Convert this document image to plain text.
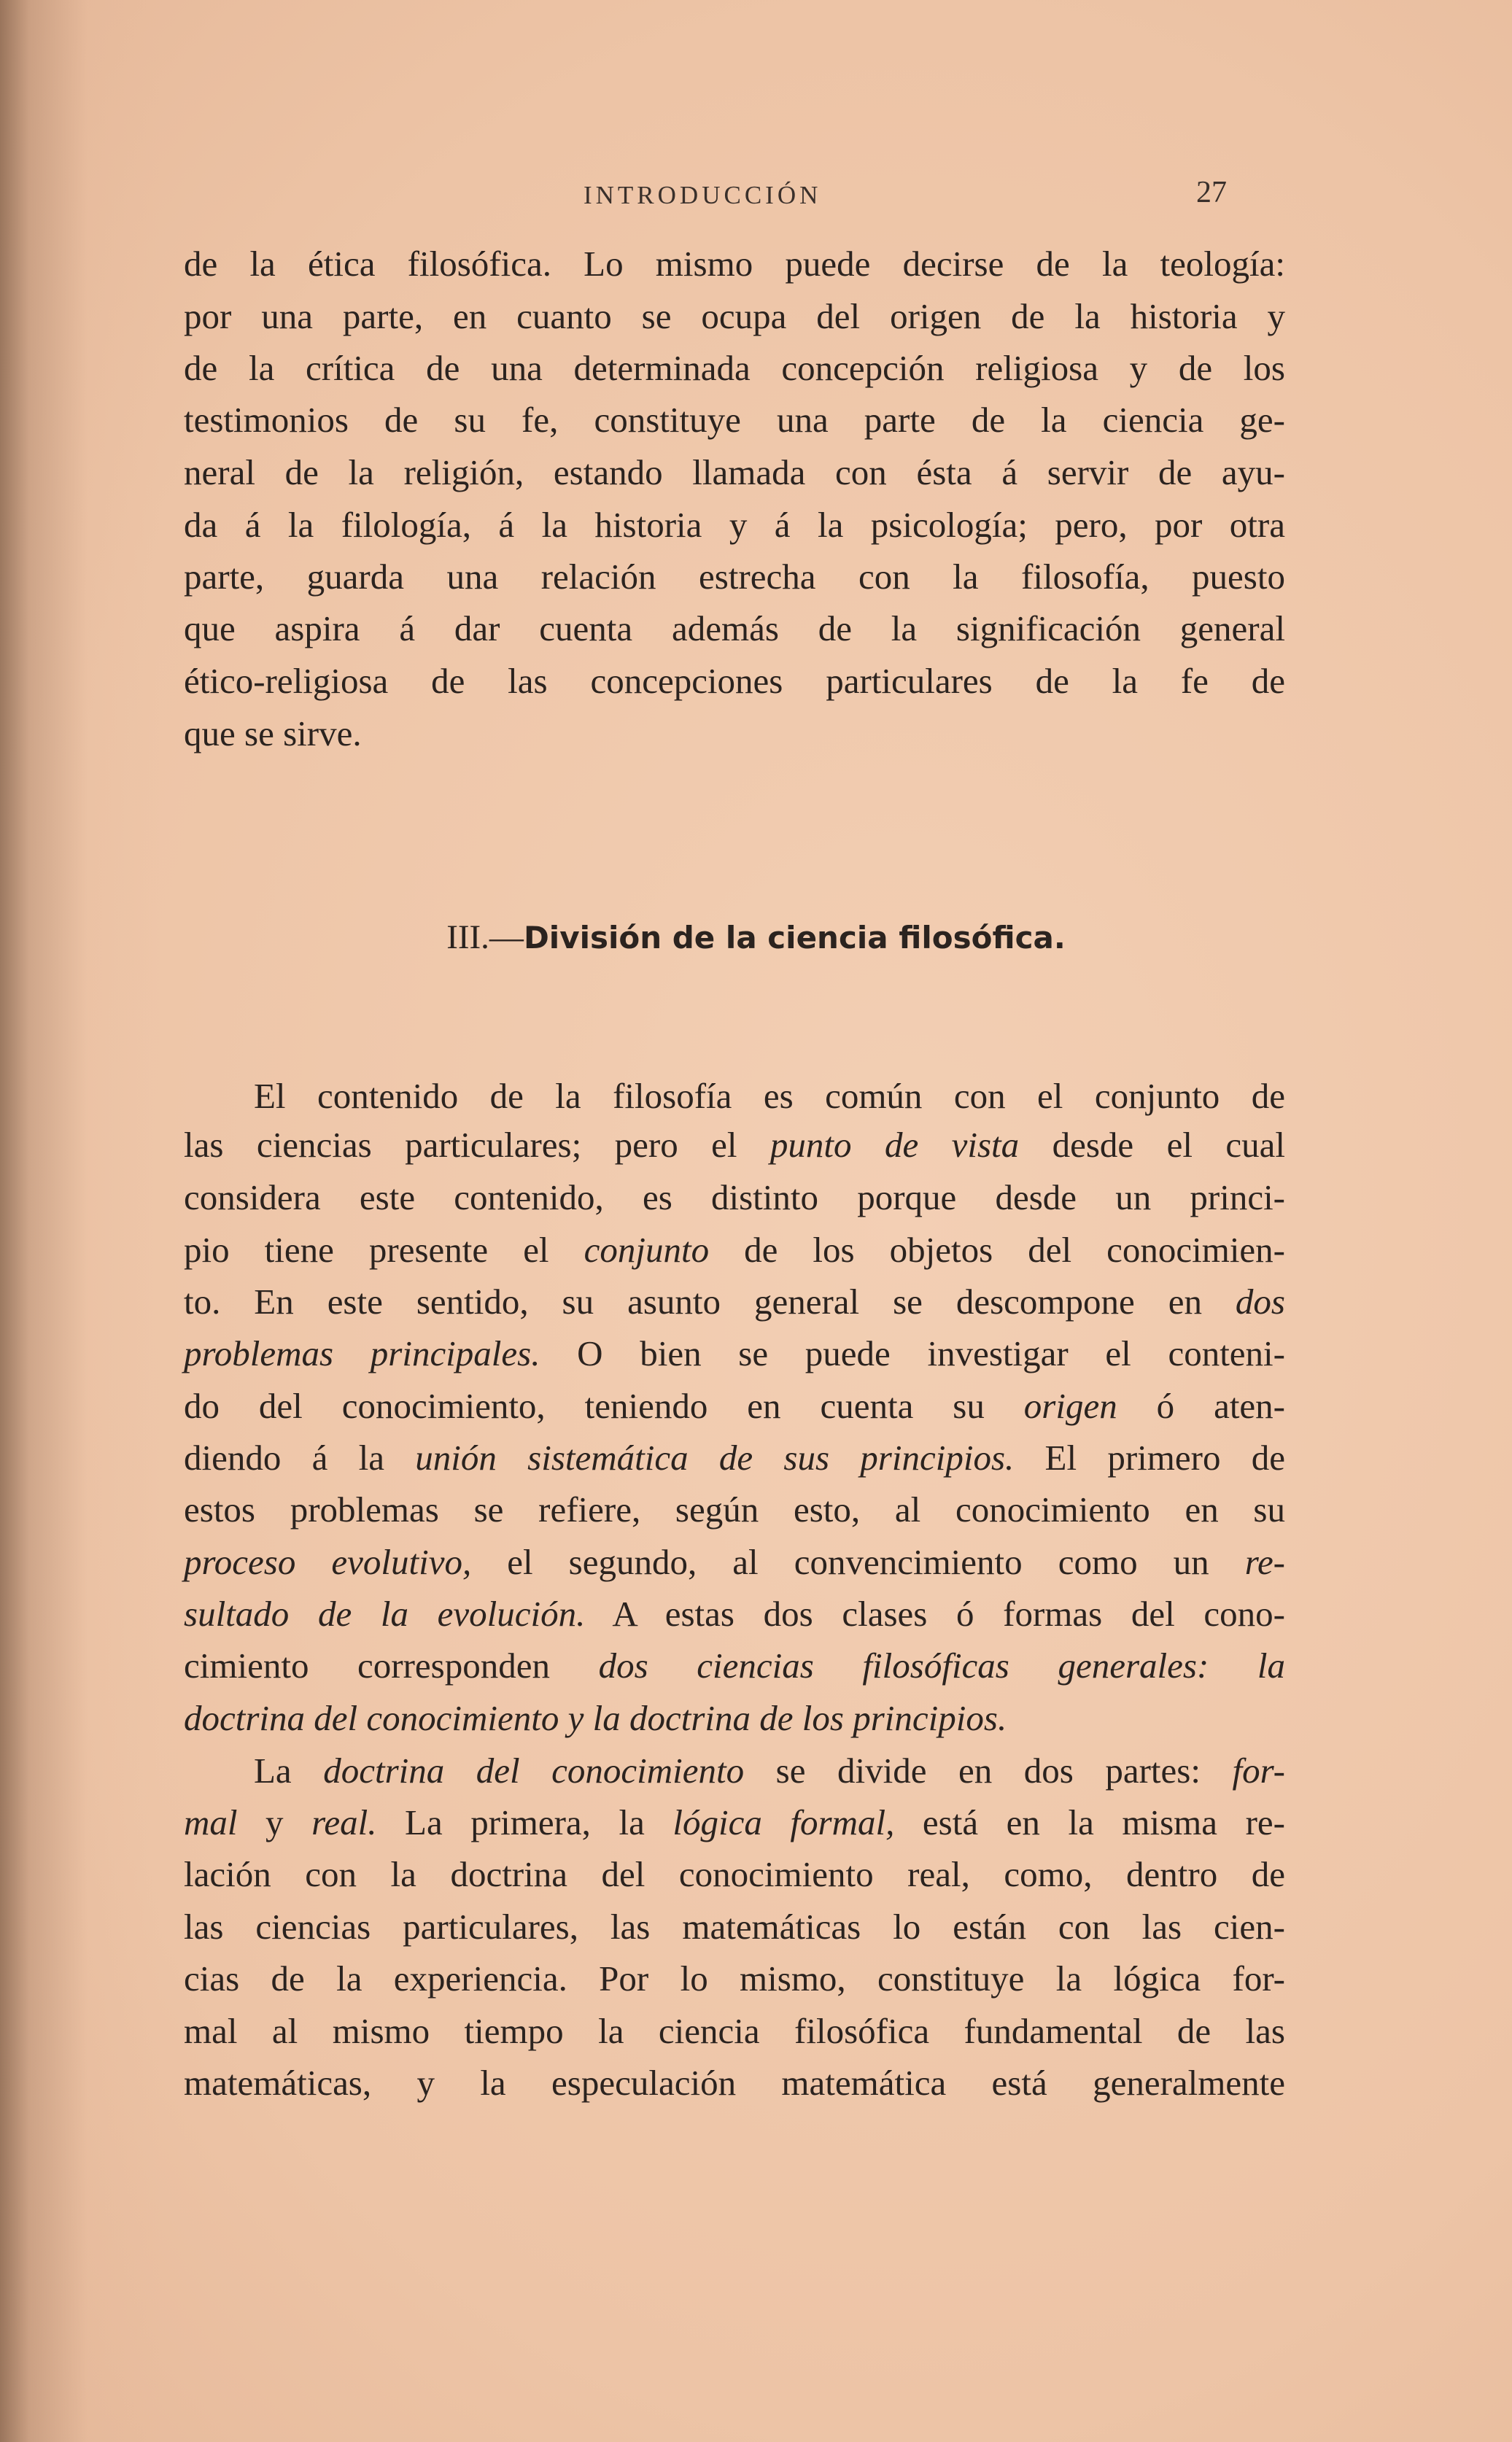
INTRODUCCIÓN	27
de la ética filosófica. Lo mismo puede decirse de la teología:
por una parte, en cuanto se ocupa del origen de la historia y
de la crítica de una determinada concepción religiosa y de los
testimonios de su fe, constituye una parte de la ciencia ge-
neral de la religión, estando llamada con ésta á servir de ayu-
da á la filología, á la historia y á la psicología; pero, por otra
parte, guarda una relación estrecha con la filosofía, puesto
que aspira á dar cuenta además de la significación general
ético-religiosa de las concepciones particulares de la fe de
que se sirve.
III.—División de la ciencia filosófica.
El contenido de la filosofía es común con el conjunto de
las ciencias particulares; pero el punto de vista desde el cual
considera este contenido, es distinto porque desde un princi-
pio tiene presente el conjunto de los objetos del conocimien-
to. En este sentido, su asunto general se descompone en dos
problemas principales. O bien se puede investigar el conteni-
do del conocimiento, teniendo en cuenta su origen ó aten-
diendo á la unión sistemática de sus principios. El primero de
estos problemas se refiere, según esto, al conocimiento en su
proceso evolutivo, el segundo, al convencimiento como un re-
sultado de la evolución. A estas dos clases ó formas del cono-
cimiento corresponden dos ciencias filosóficas generales: la
doctrina del conocimiento y la doctrina de los principios.
La doctrina del conocimiento se divide en dos partes: for-
mal y real. La primera, la lógica formal, está en la misma re-
lación con la doctrina del conocimiento real, como, dentro de
las ciencias particulares, las matemáticas lo están con las cien-
cias de la experiencia. Por lo mismo, constituye la lógica for-
mal al mismo tiempo la ciencia filosófica fundamental de las
matemáticas, y la especulación matemática está generalmente
